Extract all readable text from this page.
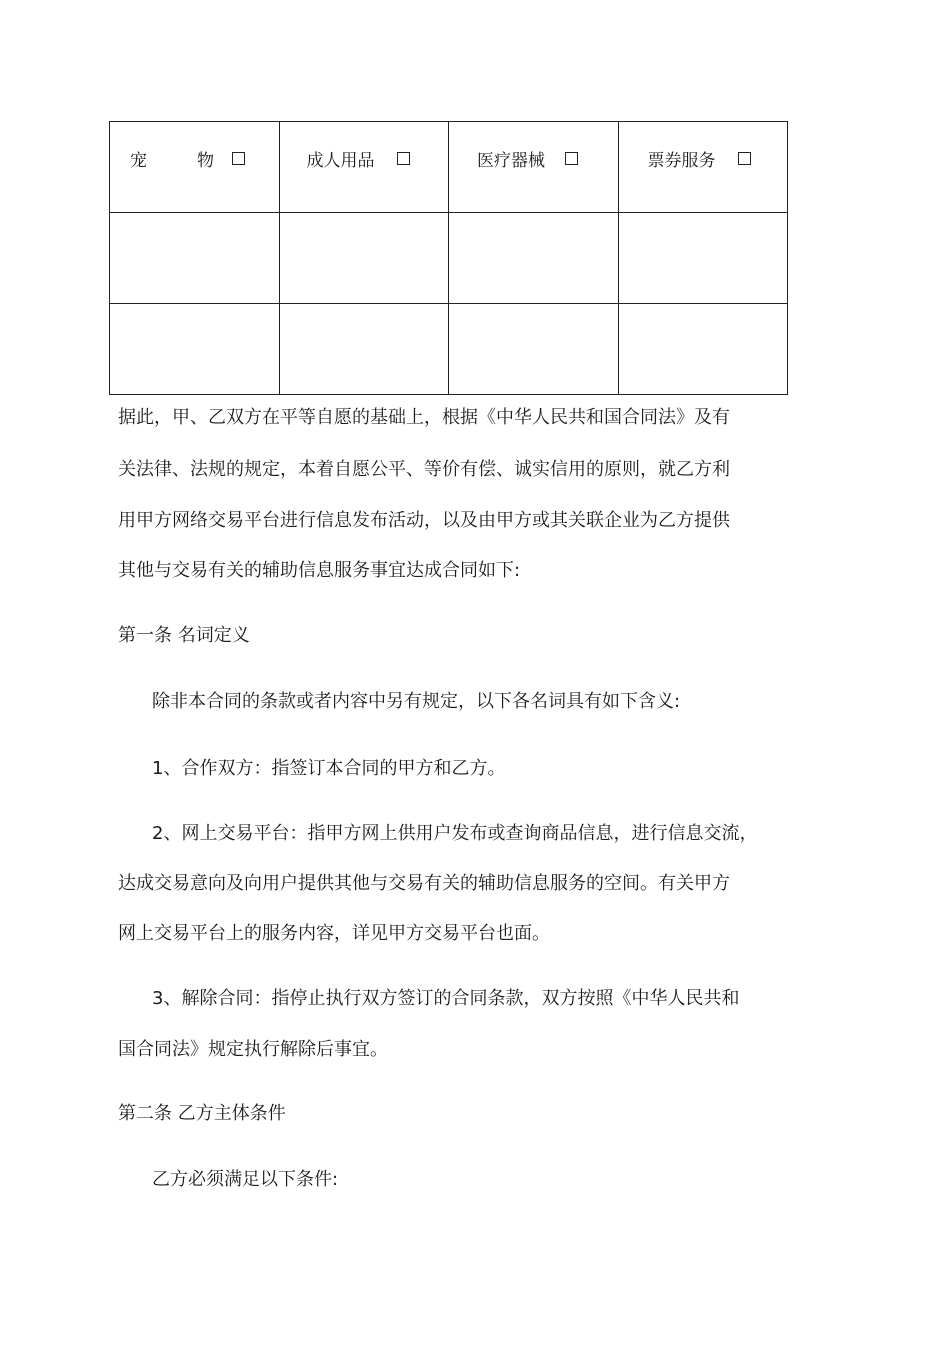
宠 物	成人用品	医疗器械	票券服务

据此，甲、乙双方在平等自愿的基础上，根据《中华人民共和国合同法》及有

关法律、法规的规定，本着自愿公平、等价有偿、诚实信用的原则，就乙方利

用甲方网络交易平台进行信息发布活动，以及由甲方或其关联企业为乙方提供

其他与交易有关的辅助信息服务事宜达成合同如下:

第一条 名词定义

除非本合同的条款或者内容中另有规定，以下各名词具有如下含义:

1、合作双方：指签订本合同的甲方和乙方。

2、网上交易平台：指甲方网上供用户发布或查询商品信息，进行信息交流，

达成交易意向及向用户提供其他与交易有关的辅助信息服务的空间。有关甲方

网上交易平台上的服务内容，详见甲方交易平台也面。

3、解除合同：指停止执行双方签订的合同条款，双方按照《中华人民共和

国合同法》规定执行解除后事宜。

第二条 乙方主体条件

乙方必须满足以下条件:
